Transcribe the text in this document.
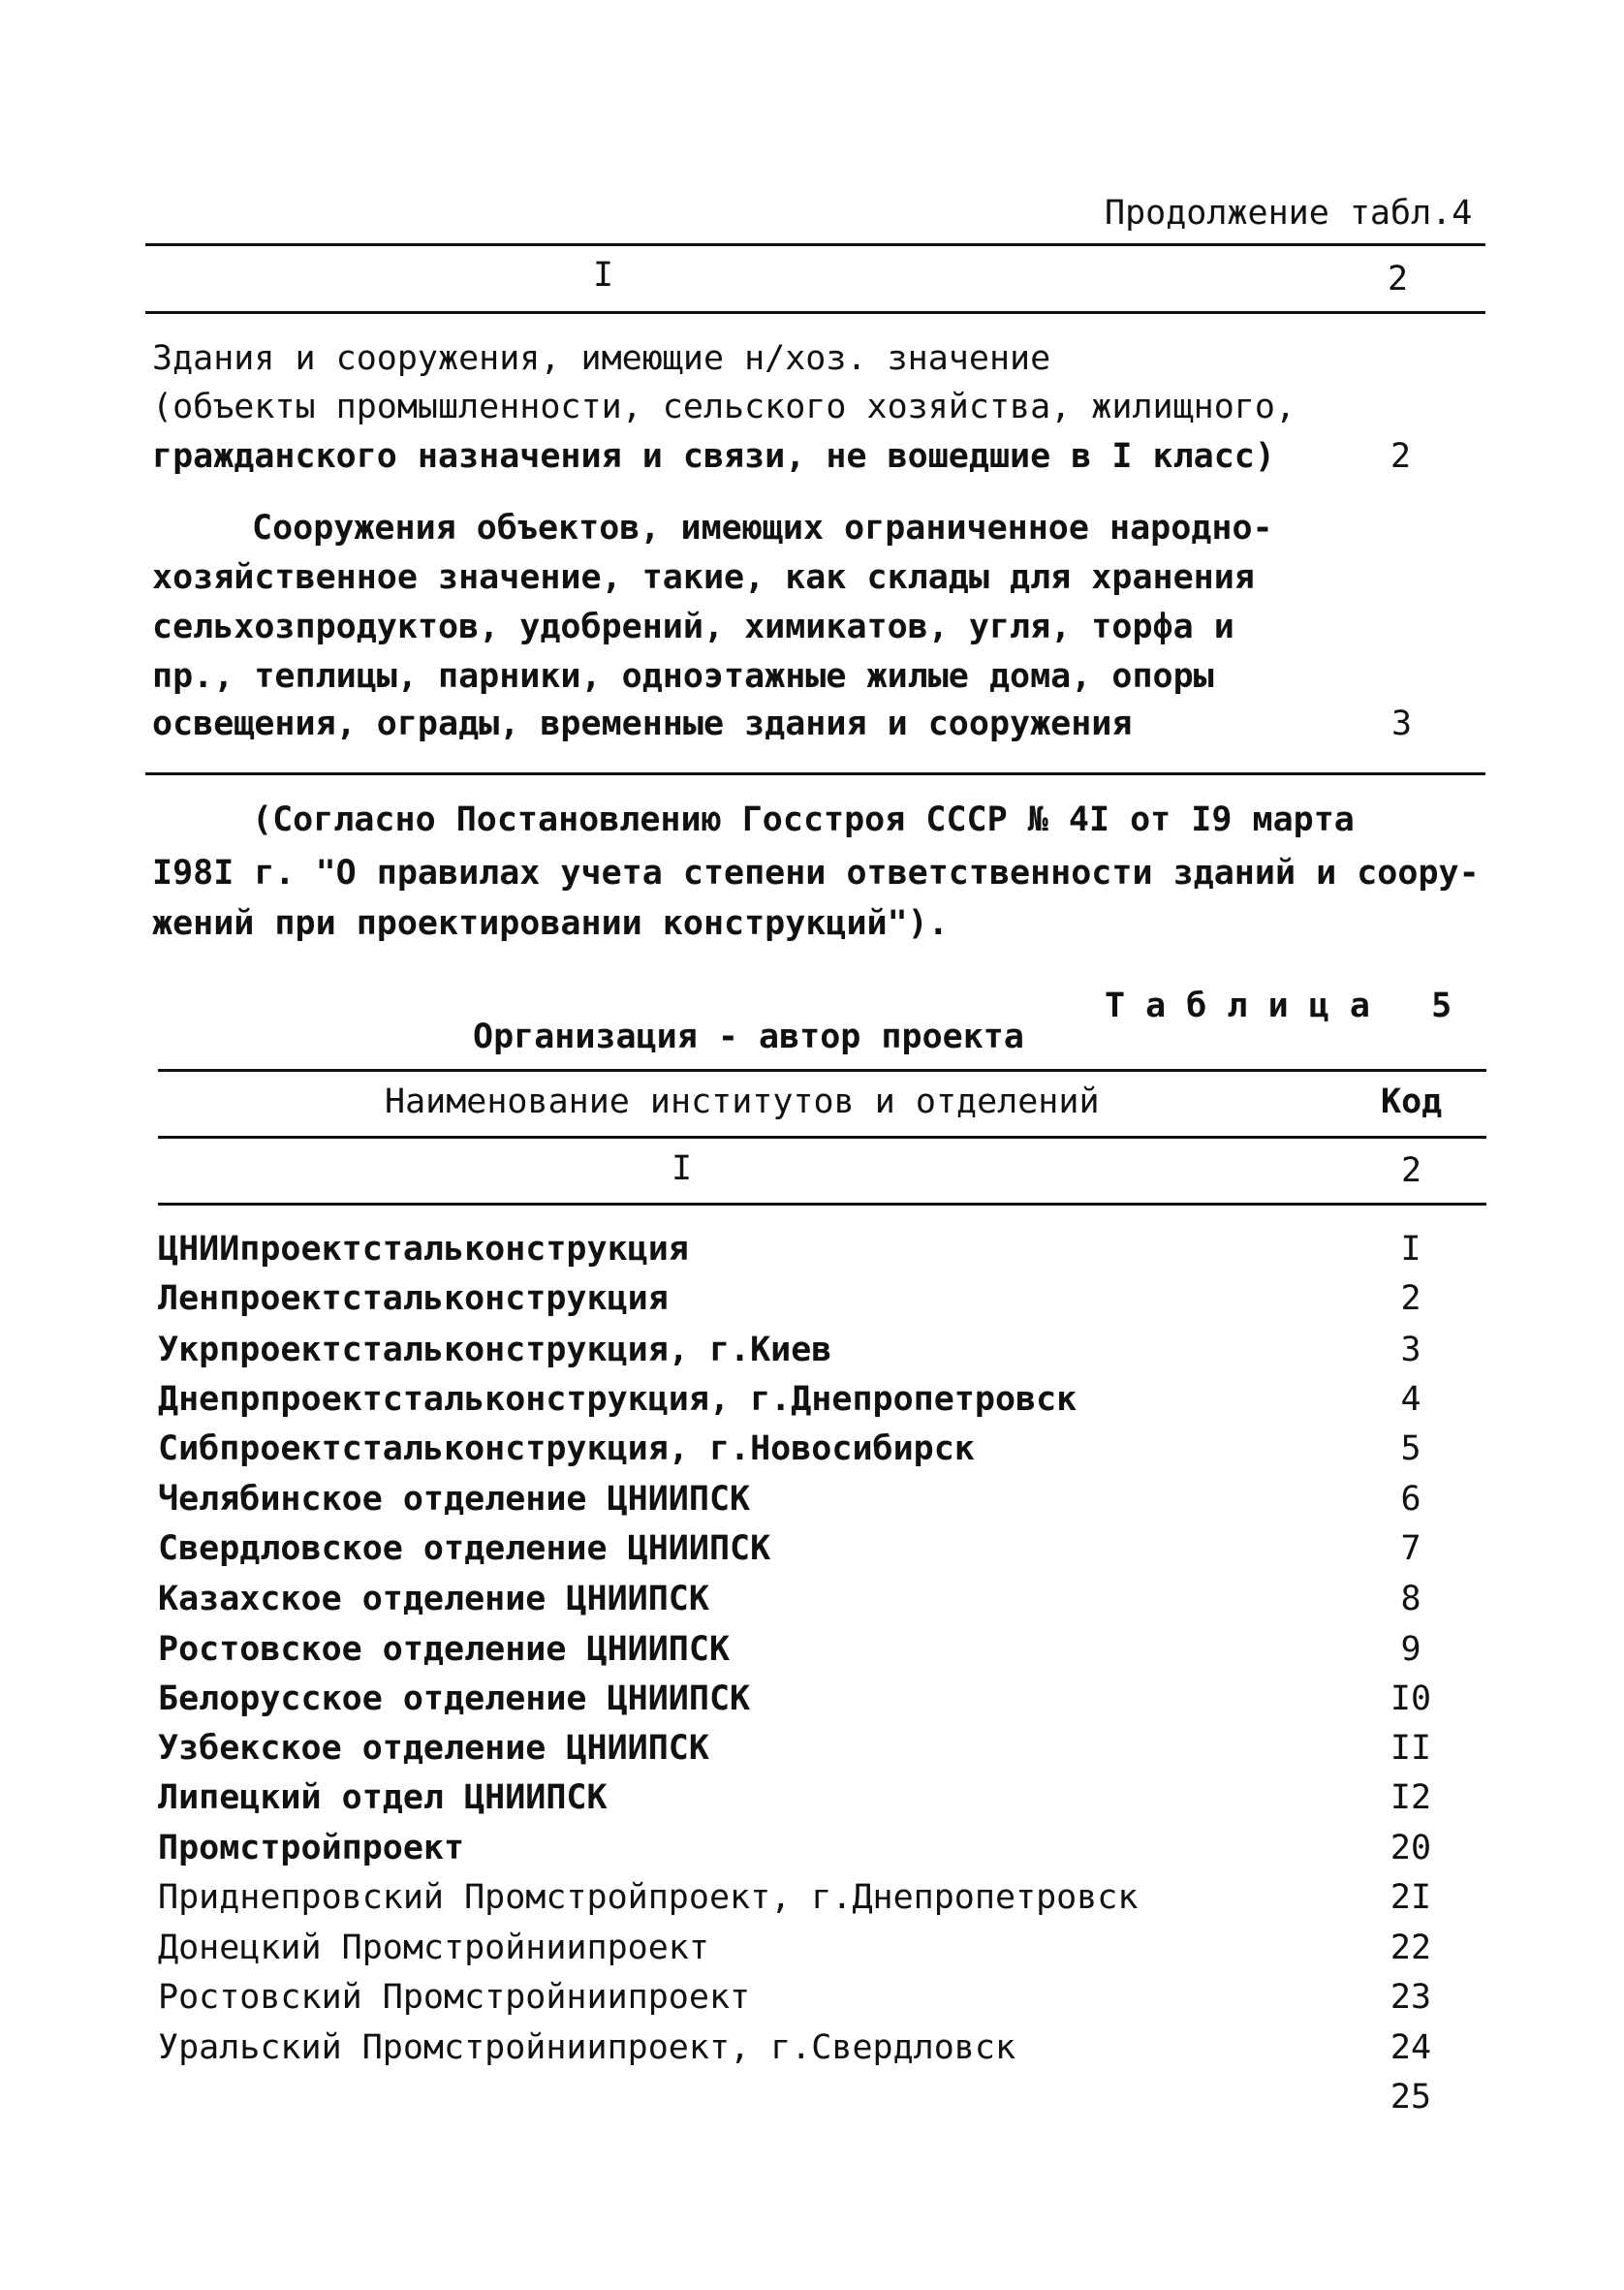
Продолжение табл.4
I	2
Здания и сооружения, имеющие н/хоз. значение
(объекты промышленности, сельского хозяйства, жилищного,
гражданского назначения и связи, не вошедшие в I класс)	2
Сооружения объектов, имеющих ограниченное народно-
хозяйственное значение, такие, как склады для хранения
сельхозпродуктов, удобрений, химикатов, угля, торфа и
пр., теплицы, парники, одноэтажные жилые дома, опоры
освещения, ограды, временные здания и сооружения	3
(Согласно Постановлению Госстроя СССР № 4I от I9 марта
I98I г. "О правилах учета степени ответственности зданий и соору-
жений при проектировании конструкций").
Т а б л и ц а   5
Организация - автор проекта
Наименование институтов и отделений	Код
I	2
ЦНИИпроектстальконструкция	I
Ленпроектстальконструкция	2
Укрпроектстальконструкция, г.Киев	3
Днепрпроектстальконструкция, г.Днепропетровск	4
Сибпроектстальконструкция, г.Новосибирск	5
Челябинское отделение ЦНИИПСК	6
Свердловское отделение ЦНИИПСК	7
Казахское отделение ЦНИИПСК	8
Ростовское отделение ЦНИИПСК	9
Белорусское отделение ЦНИИПСК	I0
Узбекское отделение ЦНИИПСК	II
Липецкий отдел ЦНИИПСК	I2
Промстройпроект	20
Приднепровский Промстройпроект, г.Днепропетровск	2I
Донецкий Промстройниипроект	22
Ростовский Промстройниипроект	23
Уральский Промстройниипроект, г.Свердловск	24
25
